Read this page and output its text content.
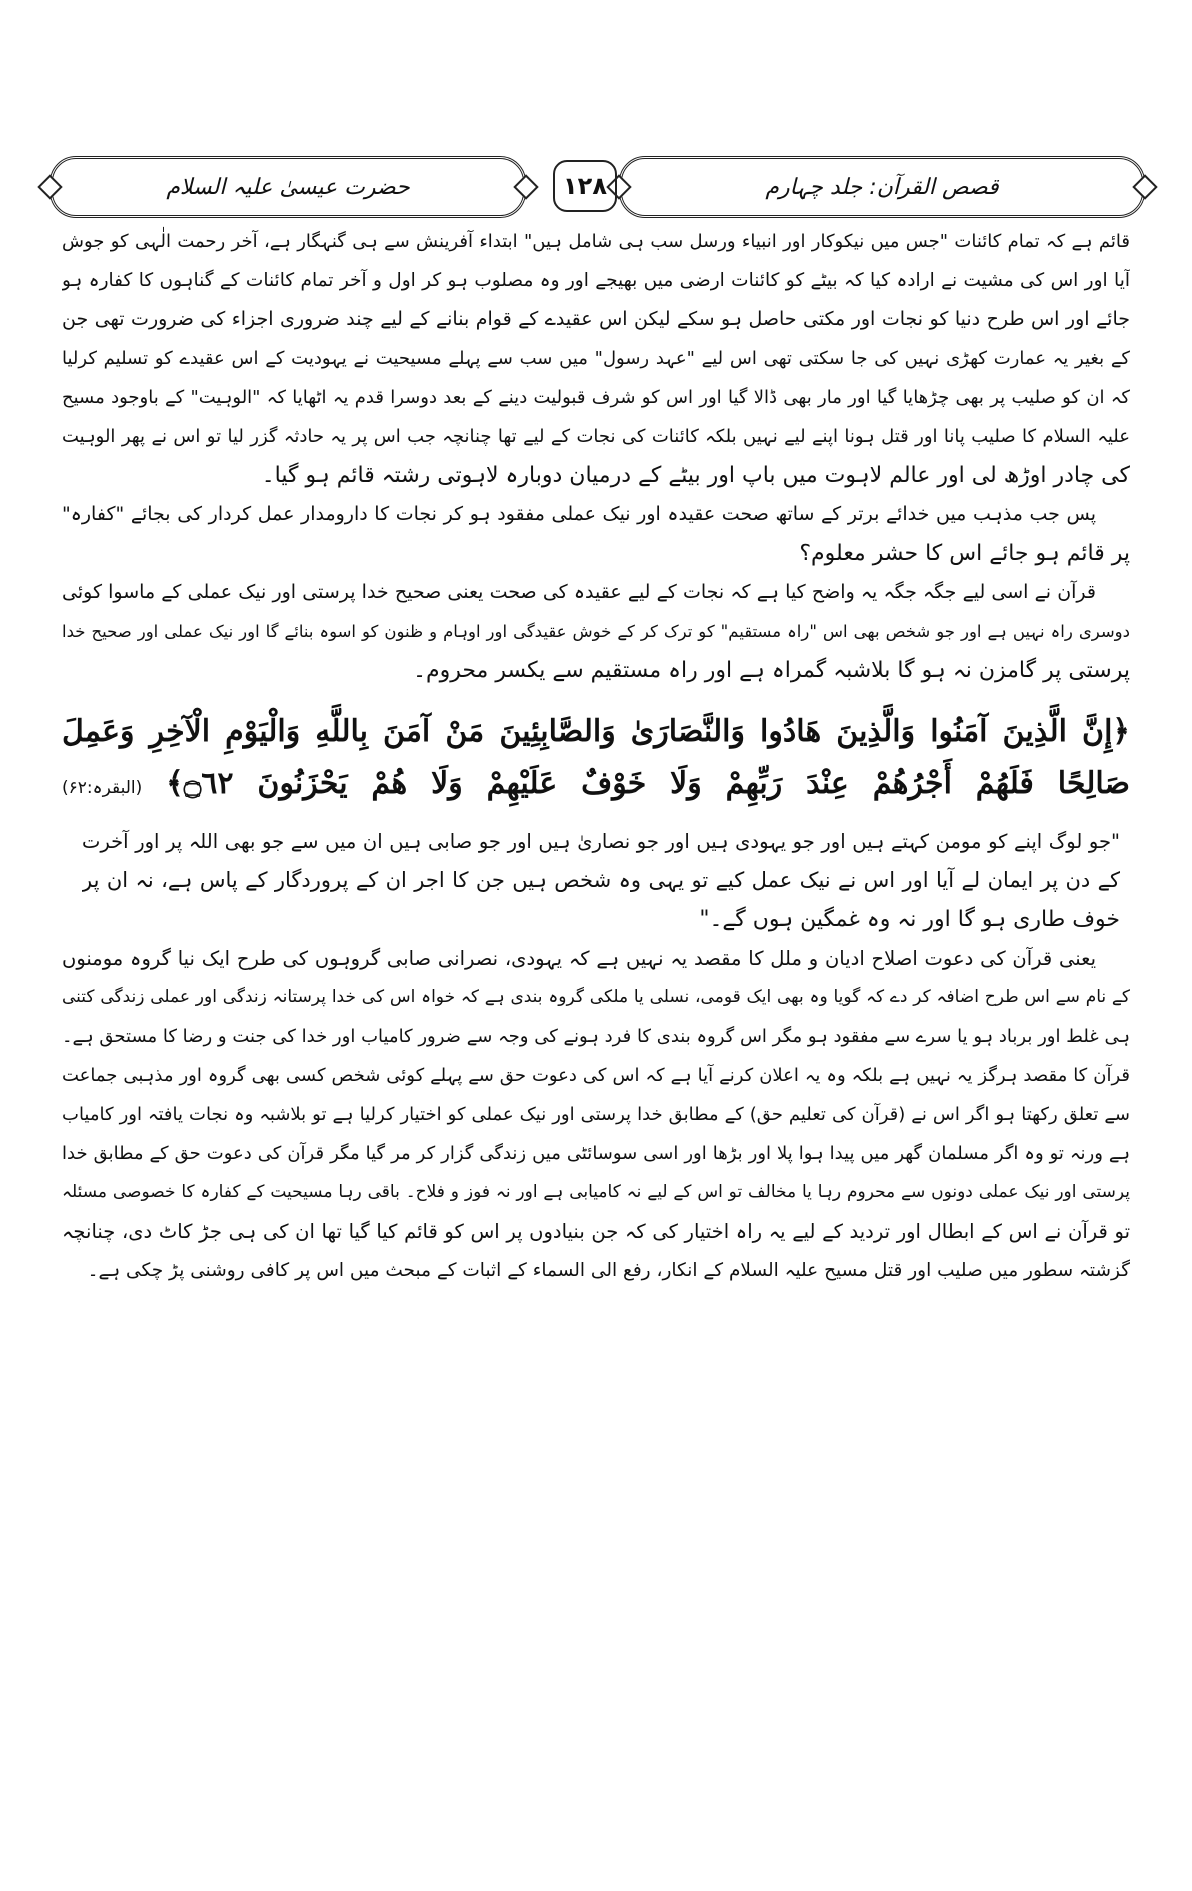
قصص القرآن: جلد چہارم
۱۲۸
حضرت عیسیٰ علیہ السلام
قائم ہے کہ تمام کائنات "جس میں نیکوکار اور انبیاء ورسل سب ہی شامل ہیں" ابتداء آفرینش سے ہی گنہگار ہے، آخر رحمت الٰہی کو جوش
آیا اور اس کی مشیت نے ارادہ کیا کہ بیٹے کو کائنات ارضی میں بھیجے اور وہ مصلوب ہو کر اول و آخر تمام کائنات کے گناہوں کا کفارہ ہو
جائے اور اس طرح دنیا کو نجات اور مکتی حاصل ہو سکے لیکن اس عقیدے کے قوام بنانے کے لیے چند ضروری اجزاء کی ضرورت تھی جن
کے بغیر یہ عمارت کھڑی نہیں کی جا سکتی تھی اس لیے "عہد رسول" میں سب سے پہلے مسیحیت نے یہودیت کے اس عقیدے کو تسلیم کرلیا
کہ ان کو صلیب پر بھی چڑھایا گیا اور مار بھی ڈالا گیا اور اس کو شرف قبولیت دینے کے بعد دوسرا قدم یہ اٹھایا کہ "الوہیت" کے باوجود مسیح
علیہ السلام کا صلیب پانا اور قتل ہونا اپنے لیے نہیں بلکہ کائنات کی نجات کے لیے تھا چنانچہ جب اس پر یہ حادثہ گزر لیا تو اس نے پھر الوہیت
کی چادر اوڑھ لی اور عالم لاہوت میں باپ اور بیٹے کے درمیان دوبارہ لاہوتی رشتہ قائم ہو گیا۔
پس جب مذہب میں خدائے برتر کے ساتھ صحت عقیدہ اور نیک عملی مفقود ہو کر نجات کا دارومدار عمل کردار کی بجائے "کفارہ"
پر قائم ہو جائے اس کا حشر معلوم؟
قرآن نے اسی لیے جگہ جگہ یہ واضح کیا ہے کہ نجات کے لیے عقیدہ کی صحت یعنی صحیح خدا پرستی اور نیک عملی کے ماسوا کوئی
دوسری راہ نہیں ہے اور جو شخص بھی اس "راہ مستقیم" کو ترک کر کے خوش عقیدگی اور اوہام و ظنون کو اسوہ بنائے گا اور نیک عملی اور صحیح خدا
پرستی پر گامزن نہ ہو گا بلاشبہ گمراہ ہے اور راہ مستقیم سے یکسر محروم۔
﴿إِنَّ الَّذِينَ آمَنُوا وَالَّذِينَ هَادُوا وَالنَّصَارَىٰ وَالصَّابِئِينَ مَنْ آمَنَ بِاللَّهِ وَالْيَوْمِ الْآخِرِ وَعَمِلَ
صَالِحًا فَلَهُمْ أَجْرُهُمْ عِنْدَ رَبِّهِمْ وَلَا خَوْفٌ عَلَيْهِمْ وَلَا هُمْ يَحْزَنُونَ ۝٦٢﴾ (البقرہ:۶۲)
"جو لوگ اپنے کو مومن کہتے ہیں اور جو یہودی ہیں اور جو نصاریٰ ہیں اور جو صابی ہیں ان میں سے جو بھی اللہ پر اور آخرت
کے دن پر ایمان لے آیا اور اس نے نیک عمل کیے تو یہی وہ شخص ہیں جن کا اجر ان کے پروردگار کے پاس ہے، نہ ان پر
خوف طاری ہو گا اور نہ وہ غمگین ہوں گے۔"
یعنی قرآن کی دعوت اصلاح ادیان و ملل کا مقصد یہ نہیں ہے کہ یہودی، نصرانی صابی گروہوں کی طرح ایک نیا گروہ مومنوں
کے نام سے اس طرح اضافہ کر دے کہ گویا وہ بھی ایک قومی، نسلی یا ملکی گروہ بندی ہے کہ خواہ اس کی خدا پرستانہ زندگی اور عملی زندگی کتنی
ہی غلط اور برباد ہو یا سرے سے مفقود ہو مگر اس گروہ بندی کا فرد ہونے کی وجہ سے ضرور کامیاب اور خدا کی جنت و رضا کا مستحق ہے۔
قرآن کا مقصد ہرگز یہ نہیں ہے بلکہ وہ یہ اعلان کرنے آیا ہے کہ اس کی دعوت حق سے پہلے کوئی شخص کسی بھی گروہ اور مذہبی جماعت
سے تعلق رکھتا ہو اگر اس نے (قرآن کی تعلیم حق) کے مطابق خدا پرستی اور نیک عملی کو اختیار کرلیا ہے تو بلاشبہ وہ نجات یافتہ اور کامیاب
ہے ورنہ تو وہ اگر مسلمان گھر میں پیدا ہوا پلا اور بڑھا اور اسی سوسائٹی میں زندگی گزار کر مر گیا مگر قرآن کی دعوت حق کے مطابق خدا
پرستی اور نیک عملی دونوں سے محروم رہا یا مخالف تو اس کے لیے نہ کامیابی ہے اور نہ فوز و فلاح۔ باقی رہا مسیحیت کے کفارہ کا خصوصی مسئلہ
تو قرآن نے اس کے ابطال اور تردید کے لیے یہ راہ اختیار کی کہ جن بنیادوں پر اس کو قائم کیا گیا تھا ان کی ہی جڑ کاٹ دی، چنانچہ
گزشتہ سطور میں صلیب اور قتل مسیح علیہ السلام کے انکار، رفع الی السماء کے اثبات کے مبحث میں اس پر کافی روشنی پڑ چکی ہے۔
